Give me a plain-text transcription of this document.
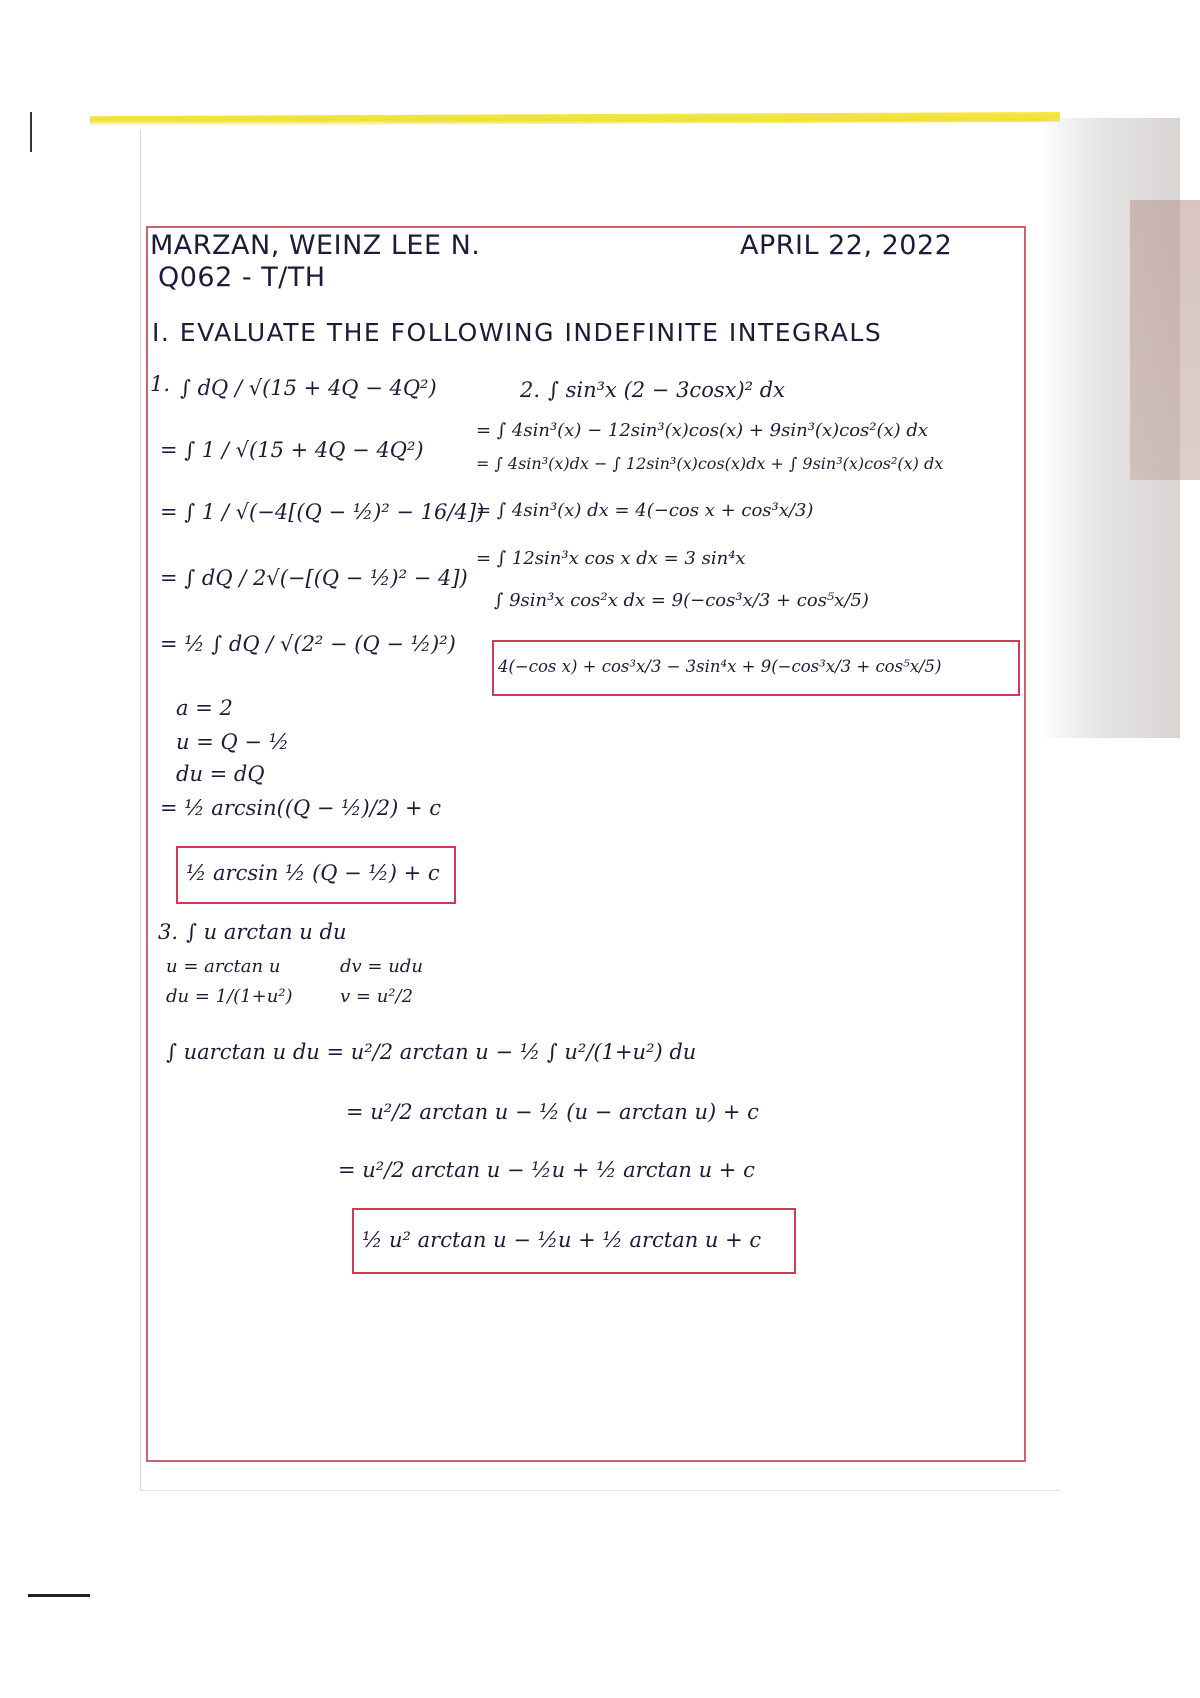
MARZAN, WEINZ LEE N.
Q062 - T/TH
APRIL 22, 2022
I. EVALUATE THE FOLLOWING INDEFINITE INTEGRALS
1. ∫ dQ / √(15 + 4Q − 4Q²)
= ∫ 1 / √(15 + 4Q − 4Q²)
= ∫ 1 / √(−4[(Q − ½)² − 16/4])
= ∫ dQ / 2√(−[(Q − ½)² − 4])
= ½ ∫ dQ / √(2² − (Q − ½)²)
a = 2
u = Q − ½
du = dQ
= ½ arcsin((Q − ½)/2) + c
½ arcsin ½ (Q − ½) + c
2. ∫ sin³x (2 − 3cosx)² dx
= ∫ 4sin³(x) − 12sin³(x)cos(x) + 9sin³(x)cos²(x) dx
= ∫ 4sin³(x)dx − ∫ 12sin³(x)cos(x)dx + ∫ 9sin³(x)cos²(x) dx
= ∫ 4sin³(x) dx = 4(−cos x + cos³x/3)
= ∫ 12sin³x cos x dx = 3 sin⁴x
∫ 9sin³x cos²x dx = 9(−cos³x/3 + cos⁵x/5)
4(−cos x) + cos³x/3 − 3sin⁴x + 9(−cos³x/3 + cos⁵x/5)
3. ∫ u arctan u du
u = arctan u
du = 1/(1+u²)
dv = udu
v = u²/2
∫ uarctan u du = u²/2 arctan u − ½ ∫ u²/(1+u²) du
= u²/2 arctan u − ½ (u − arctan u) + c
= u²/2 arctan u − ½u + ½ arctan u + c
½ u² arctan u − ½u + ½ arctan u + c
